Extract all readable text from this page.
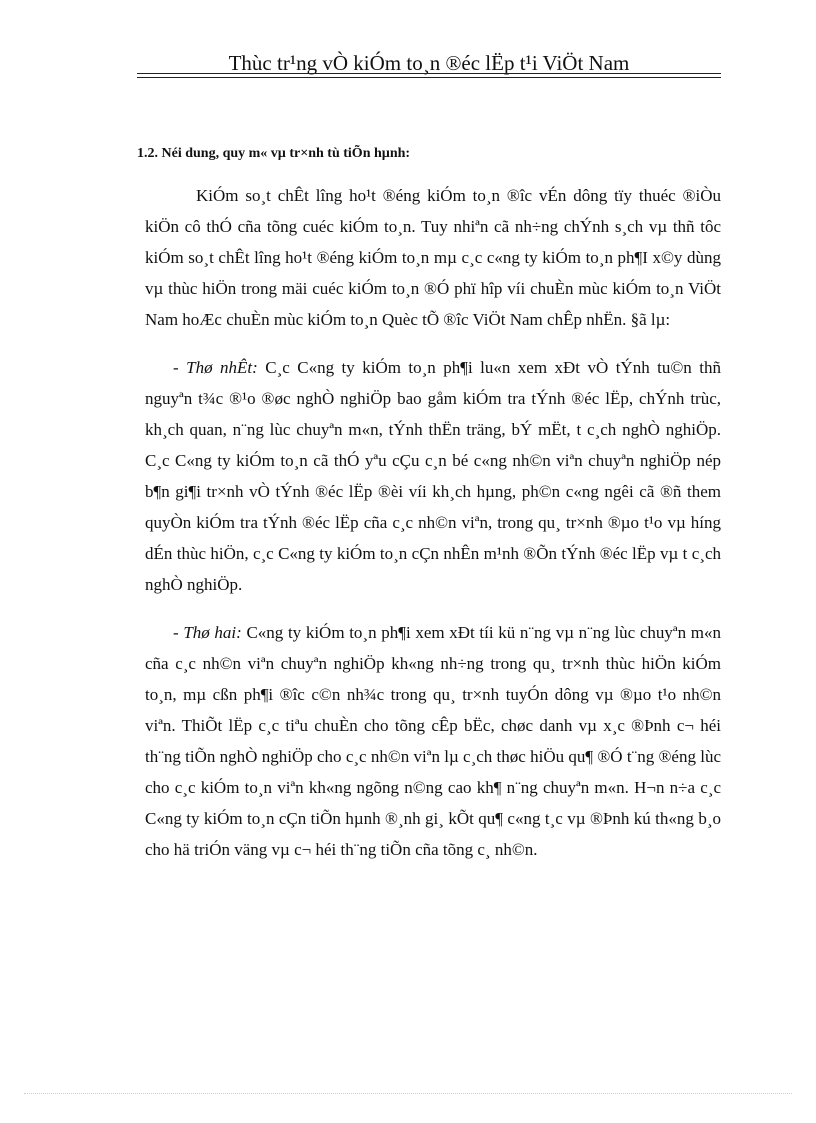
Thùc tr¹ng vÒ kiÓm to¸n ®éc lËp t¹i ViÖt Nam
1.2. Néi dung, quy m« vµ tr×nh tù tiÕn hµnh:

KiÓm so¸t chÊt lîng ho¹t ®éng kiÓm to¸n ®îc vÉn dông tïy thuéc ®iÒu kiÖn cô thÓ cña tõng cuéc kiÓm to¸n. Tuy nhiªn cã nh÷ng chÝnh s¸ch vµ thñ tôc kiÓm so¸t chÊt lîng ho¹t ®éng kiÓm to¸n mµ c¸c c«ng ty kiÓm to¸n ph¶I x©y dùng vµ thùc hiÖn trong mäi cuéc kiÓm to¸n ®Ó phï hîp víi chuÈn mùc kiÓm to¸n ViÖt Nam hoÆc chuÈn mùc kiÓm to¸n Quèc tÕ ®îc ViÖt Nam chÊp nhËn. §ã lµ:

- Thø nhÊt: C¸c C«ng ty kiÓm to¸n ph¶i lu«n xem xÐt vÒ tÝnh tu©n thñ nguyªn t¾c ®¹o ®øc nghÒ nghiÖp bao gåm kiÓm tra tÝnh ®éc lËp, chÝnh trùc, kh¸ch quan, n¨ng lùc chuyªn m«n, tÝnh thËn träng, bÝ mËt, t c¸ch nghÒ nghiÖp. C¸c C«ng ty kiÓm to¸n cã thÓ yªu cÇu c¸n bé c«ng nh©n viªn chuyªn nghiÖp nép b¶n gi¶i tr×nh vÒ tÝnh ®éc lËp ®èi víi kh¸ch hµng, ph©n c«ng ngêi cã ®ñ them quyÒn kiÓm tra tÝnh ®éc lËp cña c¸c nh©n viªn, trong qu¸ tr×nh ®µo t¹o vµ híng dÉn thùc hiÖn, c¸c C«ng ty kiÓm to¸n cÇn nhÊn m¹nh ®Õn tÝnh ®éc lËp vµ t c¸ch nghÒ nghiÖp.

- Thø hai: C«ng ty kiÓm to¸n ph¶i xem xÐt tíi kü n¨ng vµ n¨ng lùc chuyªn m«n cña c¸c nh©n viªn chuyªn nghiÖp kh«ng nh÷ng trong qu¸ tr×nh thùc hiÖn kiÓm to¸n, mµ cßn ph¶i ®îc c©n nh¾c trong qu¸ tr×nh tuyÓn dông vµ ®µo t¹o nh©n viªn. ThiÕt lËp c¸c tiªu chuÈn cho tõng cÊp bËc, chøc danh vµ x¸c ®Þnh c¬ héi th¨ng tiÕn nghÒ nghiÖp cho c¸c nh©n viªn lµ c¸ch thøc hiÖu qu¶ ®Ó t¨ng ®éng lùc cho c¸c kiÓm to¸n viªn kh«ng ngõng n©ng cao kh¶ n¨ng chuyªn m«n. H¬n n÷a c¸c C«ng ty kiÓm to¸n cÇn tiÕn hµnh ®¸nh gi¸ kÕt qu¶ c«ng t¸c vµ ®Þnh kú th«ng b¸o cho hä triÓn väng vµ c¬ héi th¨ng tiÕn cña tõng c¸ nh©n.
